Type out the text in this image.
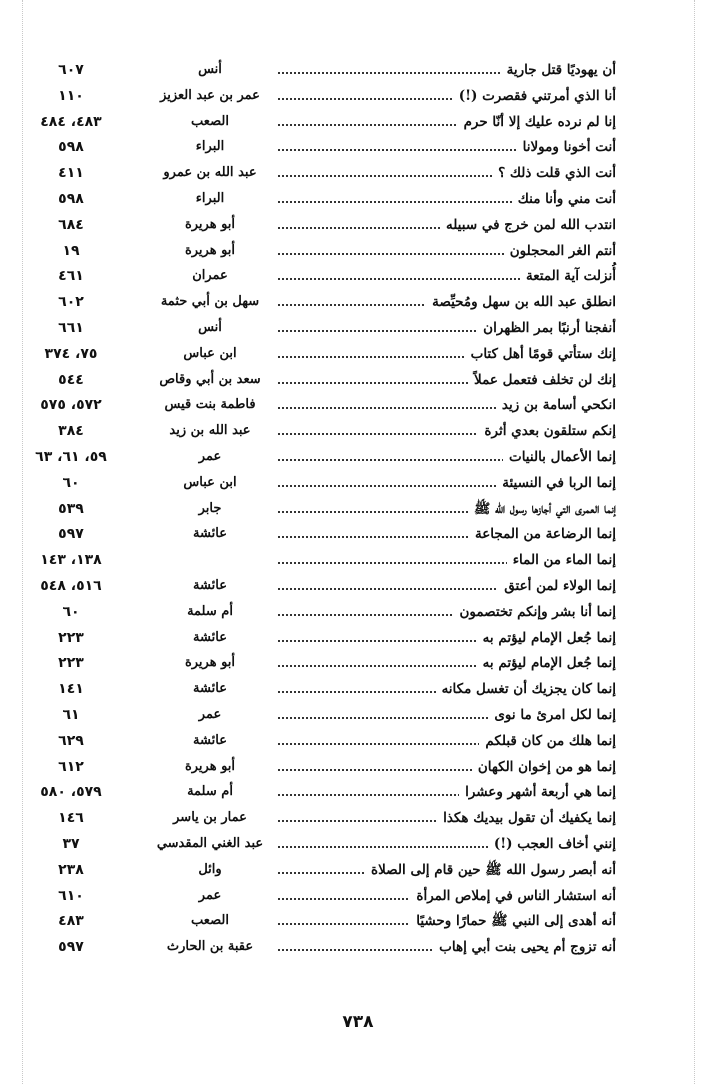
أن يهوديًا قتل جارية
أنس
٦٠٧
أنا الذي أمرتني فقصرت (!)
عمر بن عبد العزيز
١١٠
إنا لم نرده عليك إلا أنّا حرم
الصعب
٤٨٣، ٤٨٤
أنت أخونا ومولانا
البراء
٥٩٨
أنت الذي قلت ذلك ؟
عبد الله بن عمرو
٤١١
أنت مني وأنا منك
البراء
٥٩٨
انتدب الله لمن خرج في سبيله
أبو هريرة
٦٨٤
أنتم الغر المحجلون
أبو هريرة
١٩
أُنزلت آية المتعة
عمران
٤٦١
انطلق عبد الله بن سهل ومُحيِّصة
سهل بن أبي حثمة
٦٠٢
أنفجنا أرنبًا بمر الظهران
أنس
٦٦١
إنك ستأتي قومًا أهل كتاب
ابن عباس
٧٥، ٣٧٤
إنك لن تخلف فتعمل عملاً
سعد بن أبي وقاص
٥٤٤
انكحي أسامة بن زيد
فاطمة بنت قيس
٥٧٢، ٥٧٥
إنكم ستلقون بعدي أثرة
عبد الله بن زيد
٣٨٤
إنما الأعمال بالنيات
عمر
٥٩، ٦١، ٦٣
إنما الربا في النسيئة
ابن عباس
٦٠
إنما العمرى التي أجازها رسول الله ﷺ
جابر
٥٣٩
إنما الرضاعة من المجاعة
عائشة
٥٩٧
إنما الماء من الماء
١٣٨، ١٤٣
إنما الولاء لمن أعتق
عائشة
٥١٦، ٥٤٨
إنما أنا بشر وإنكم تختصمون
أم سلمة
٦٠
إنما جُعل الإمام ليؤتم به
عائشة
٢٢٣
إنما جُعل الإمام ليؤتم به
أبو هريرة
٢٢٣
إنما كان يجزيك أن تغسل مكانه
عائشة
١٤١
إنما لكل امرئ ما نوى
عمر
٦١
إنما هلك من كان قبلكم
عائشة
٦٢٩
إنما هو من إخوان الكهان
أبو هريرة
٦١٢
إنما هي أربعة أشهر وعشرا
أم سلمة
٥٧٩، ٥٨٠
إنما يكفيك أن تقول بيديك هكذا
عمار بن ياسر
١٤٦
إنني أخاف العجب (!)
عبد الغني المقدسي
٣٧
أنه أبصر رسول الله ﷺ حين قام إلى الصلاة
وائل
٢٣٨
أنه استشار الناس في إملاص المرأة
عمر
٦١٠
أنه أهدى إلى النبي ﷺ حمارًا وحشيًا
الصعب
٤٨٣
أنه تزوج أم يحيى بنت أبي إهاب
عقبة بن الحارث
٥٩٧
٧٣٨
